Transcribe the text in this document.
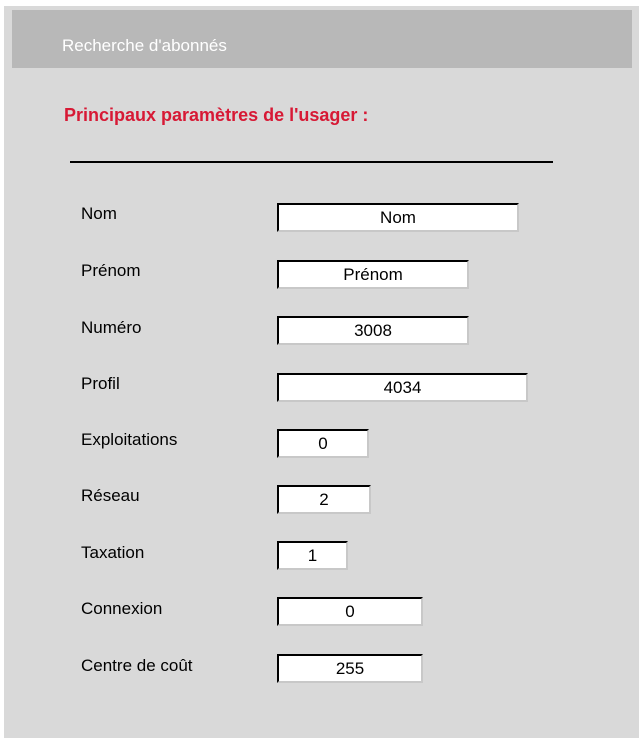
Recherche d'abonnés
Principaux paramètres de l'usager :
Nom
Nom
Prénom
Prénom
Numéro
3008
Profil
4034
Exploitations
0
Réseau
2
Taxation
1
Connexion
0
Centre de coût
255
